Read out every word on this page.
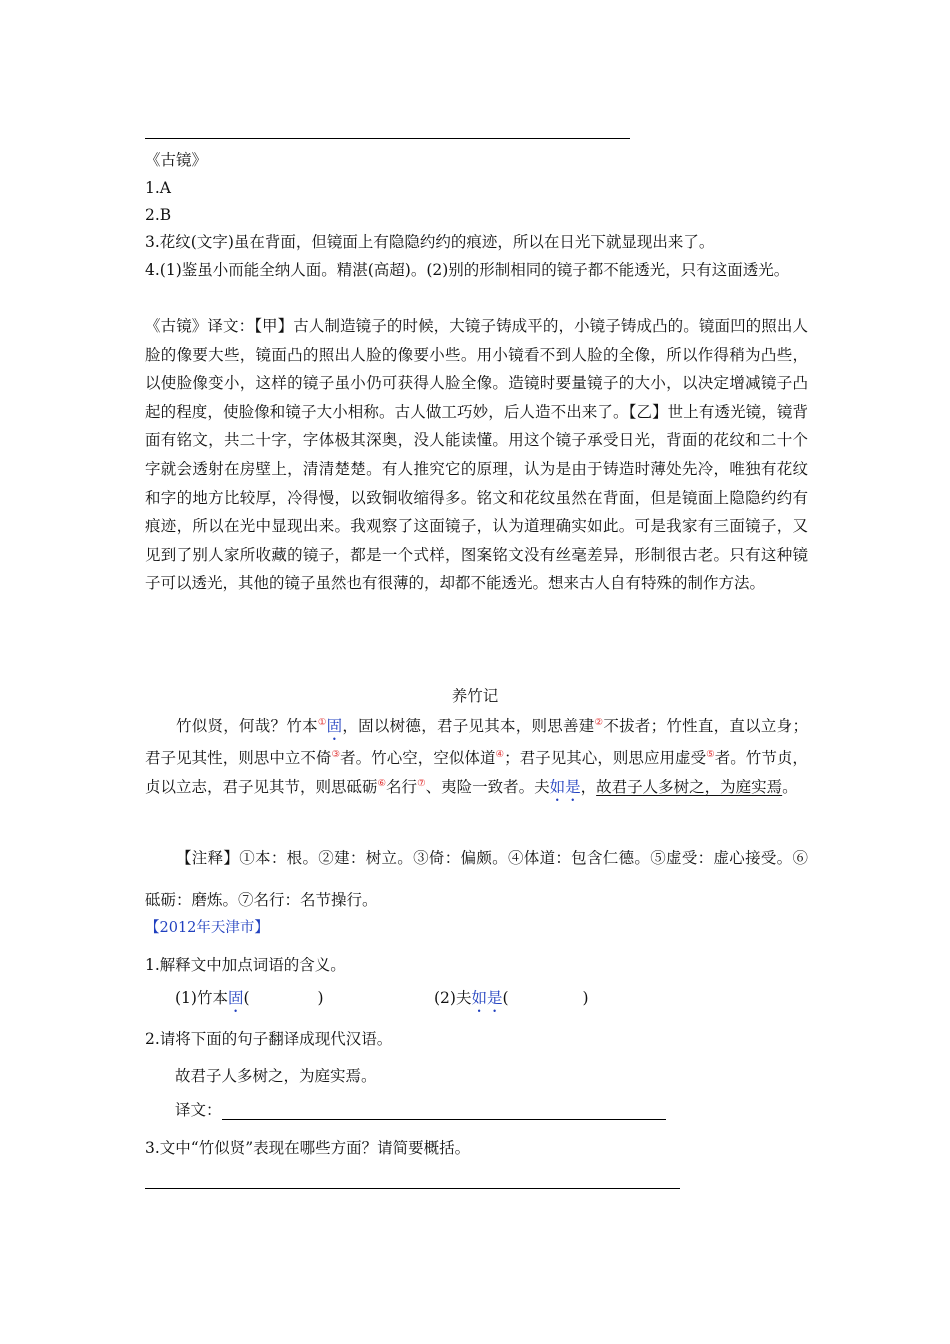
《古镜》
1.A
2.B
3.花纹(文字)虽在背面，但镜面上有隐隐约约的痕迹，所以在日光下就显现出来了。
4.(1)鉴虽小而能全纳人面。精湛(高超)。(2)别的形制相同的镜子都不能透光，只有这面透光。
《古镜》译文：【甲】古人制造镜子的时候，大镜子铸成平的，小镜子铸成凸的。镜面凹的照出人脸的像要大些，镜面凸的照出人脸的像要小些。用小镜看不到人脸的全像，所以作得稍为凸些，以使脸像变小，这样的镜子虽小仍可获得人脸全像。造镜时要量镜子的大小，以决定增减镜子凸起的程度，使脸像和镜子大小相称。古人做工巧妙，后人造不出来了。【乙】世上有透光镜，镜背面有铭文，共二十字，字体极其深奥，没人能读懂。用这个镜子承受日光，背面的花纹和二十个字就会透射在房壁上，清清楚楚。有人推究它的原理，认为是由于铸造时薄处先冷，唯独有花纹和字的地方比较厚，冷得慢，以致铜收缩得多。铭文和花纹虽然在背面，但是镜面上隐隐约约有痕迹，所以在光中显现出来。我观察了这面镜子，认为道理确实如此。可是我家有三面镜子，又见到了别人家所收藏的镜子，都是一个式样，图案铭文没有丝毫差异，形制很古老。只有这种镜子可以透光，其他的镜子虽然也有很薄的，却都不能透光。想来古人自有特殊的制作方法。
养竹记
竹似贤，何哉？竹本①固，固以树德，君子见其本，则思善建②不拔者；竹性直，直以立身；君子见其性，则思中立不倚③者。竹心空，空似体道④；君子见其心，则思应用虚受⑤者。竹节贞，贞以立志，君子见其节，则思砥砺⑥名行⑦、夷险一致者。夫如是，故君子人多树之，为庭实焉。
【注释】①本：根。②建：树立。③倚：偏颇。④体道：包含仁德。⑤虚受：虚心接受。⑥砥砺：磨炼。⑦名行：名节操行。
【2012年天津市】
1.解释文中加点词语的含义。
(1)竹本固(	)	(2)夫如是(	)
2.请将下面的句子翻译成现代汉语。
故君子人多树之，为庭实焉。
译文：
3.文中“竹似贤”表现在哪些方面？请简要概括。
